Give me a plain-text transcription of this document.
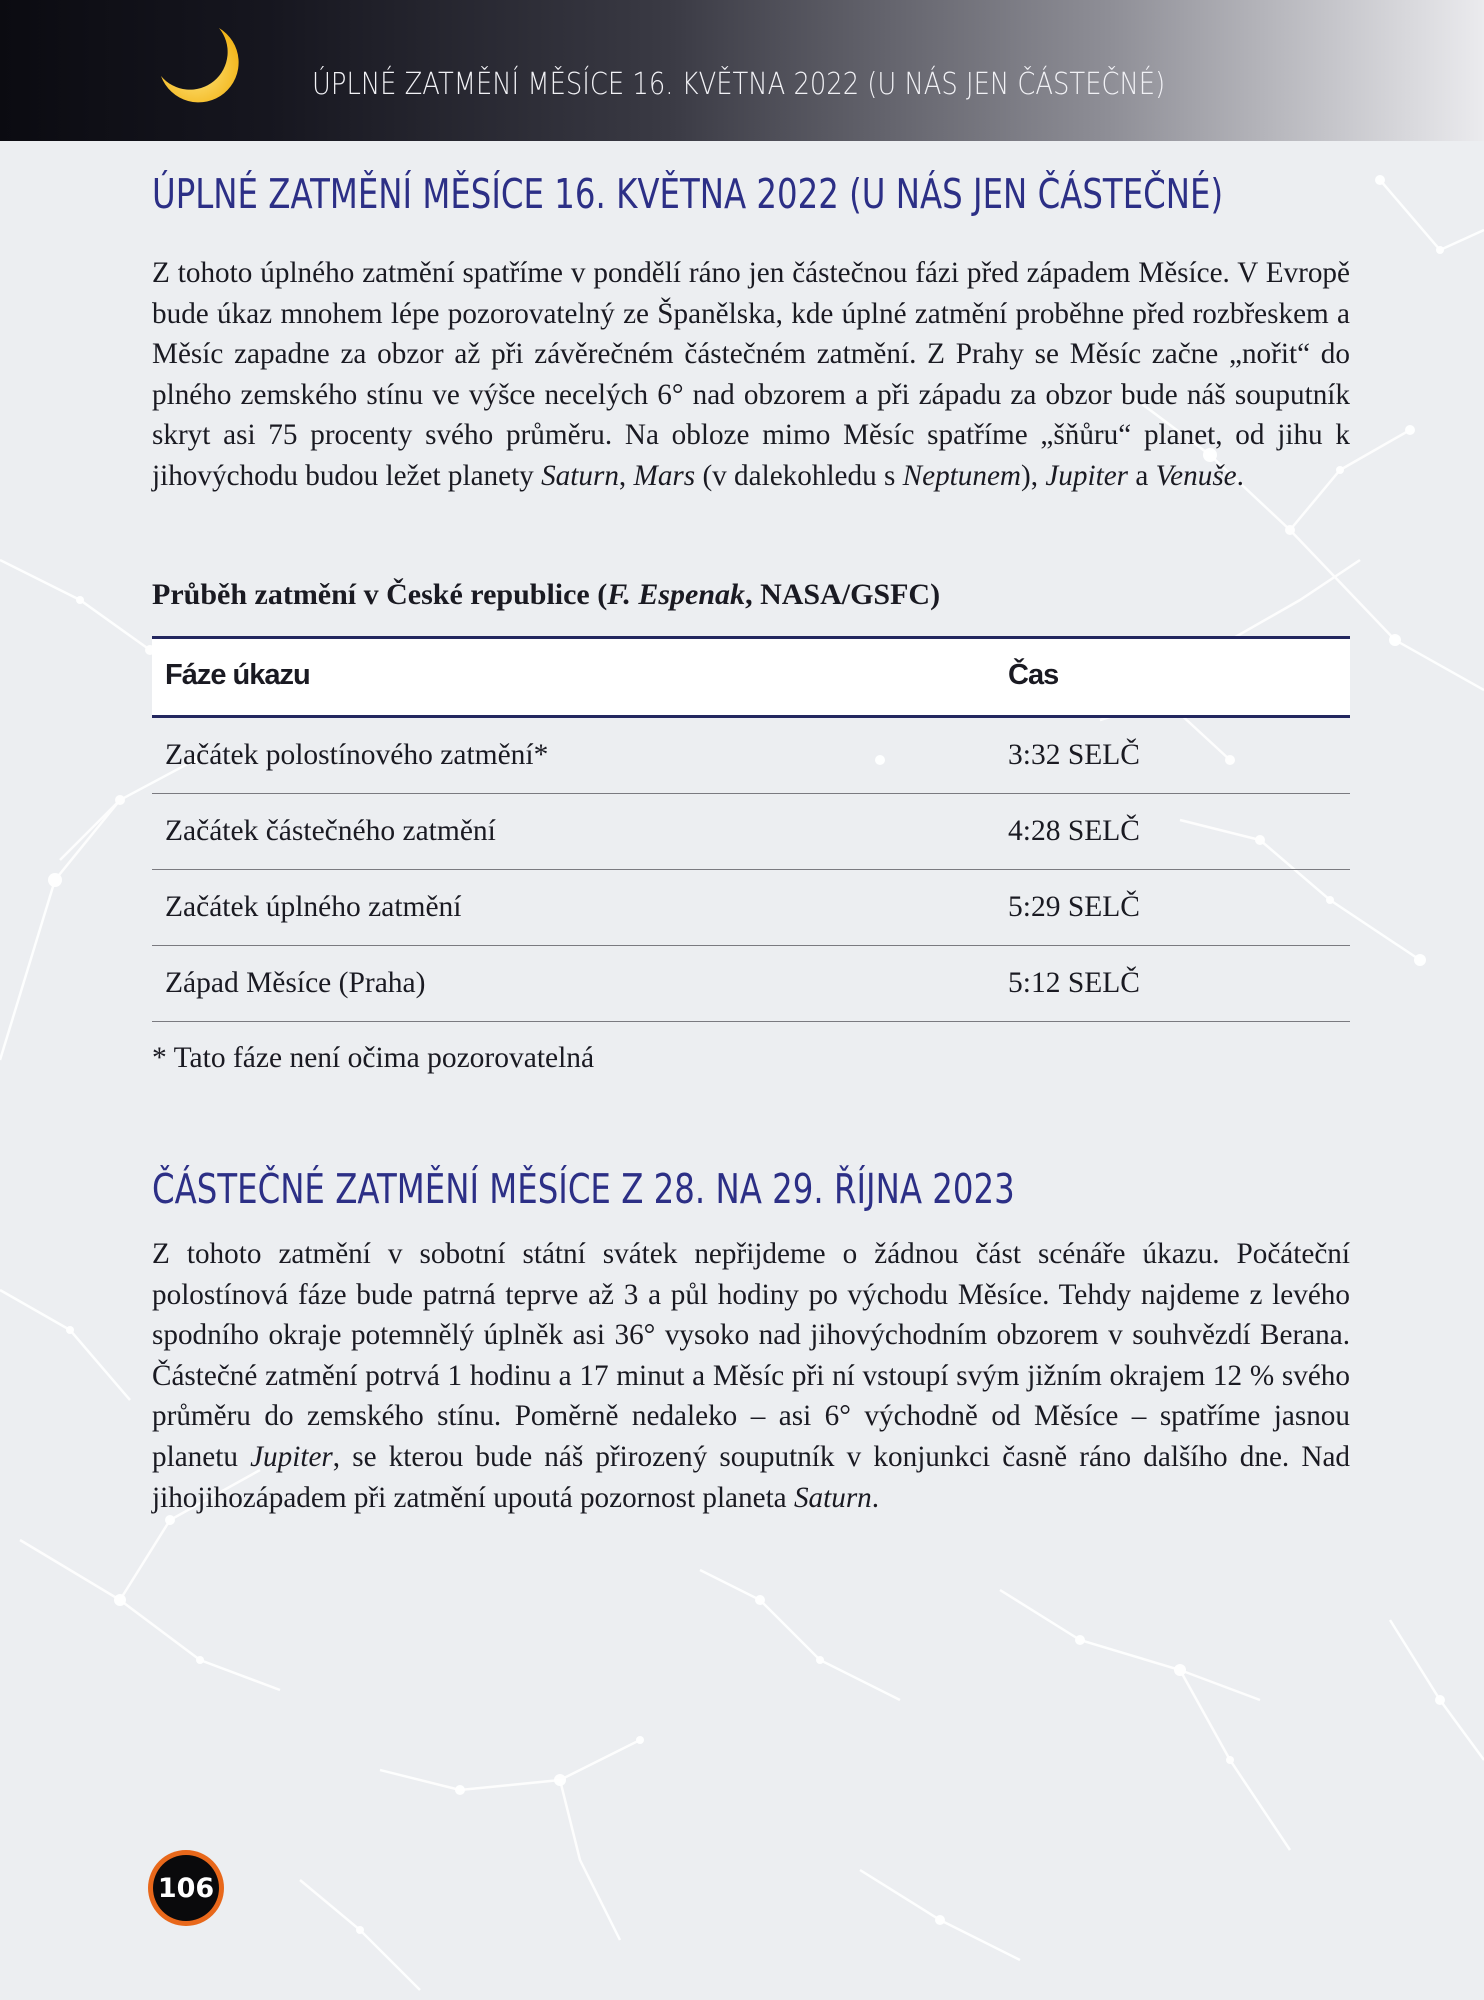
ÚPLNÉ ZATMĚNÍ MĚSÍCE 16. KVĚTNA 2022 (U NÁS JEN ČÁSTEČNÉ)
ÚPLNÉ ZATMĚNÍ MĚSÍCE 16. KVĚTNA 2022 (U NÁS JEN ČÁSTEČNÉ)

Z tohoto úplného zatmění spatříme v pondělí ráno jen částečnou fázi před západem Měsíce. V Evropě bude úkaz mnohem lépe pozorovatelný ze Španělska, kde úplné zatmění proběhne před rozbřeskem a Měsíc zapadne za obzor až při závěrečném částečném zatmění. Z Prahy se Měsíc začne „nořit“ do plného zemského stínu ve výšce necelých 6° nad obzorem a při západu za obzor bude náš souputník skryt asi 75 procenty svého průměru. Na obloze mimo Měsíc spatříme „šňůru“ planet, od jihu k jihovýchodu budou ležet planety Saturn, Mars (v dalekohledu s Neptunem), Jupiter a Venuše.

Průběh zatmění v České republice (F. Espenak, NASA/GSFC)
Fáze úkazu	Čas
Začátek polostínového zatmění*	3:32 SELČ
Začátek částečného zatmění	4:28 SELČ
Začátek úplného zatmění	5:29 SELČ
Západ Měsíce (Praha)	5:12 SELČ
* Tato fáze není očima pozorovatelná
ČÁSTEČNÉ ZATMĚNÍ MĚSÍCE Z 28. NA 29. ŘÍJNA 2023

Z tohoto zatmění v sobotní státní svátek nepřijdeme o žádnou část scénáře úkazu. Počáteční polostínová fáze bude patrná teprve až 3 a půl hodiny po východu Měsíce. Tehdy najdeme z levého spodního okraje potemnělý úplněk asi 36° vysoko nad jihovýchodním obzorem v souhvězdí Berana. Částečné zatmění potrvá 1 hodinu a 17 minut a Měsíc při ní vstoupí svým jižním okrajem 12 % svého průměru do zemského stínu. Poměrně nedaleko – asi 6° východně od Měsíce – spatříme jasnou planetu Jupiter, se kterou bude náš přirozený souputník v konjunkci časně ráno dalšího dne. Nad jihojihozápadem při zatmění upoutá pozornost planeta Saturn.

106
